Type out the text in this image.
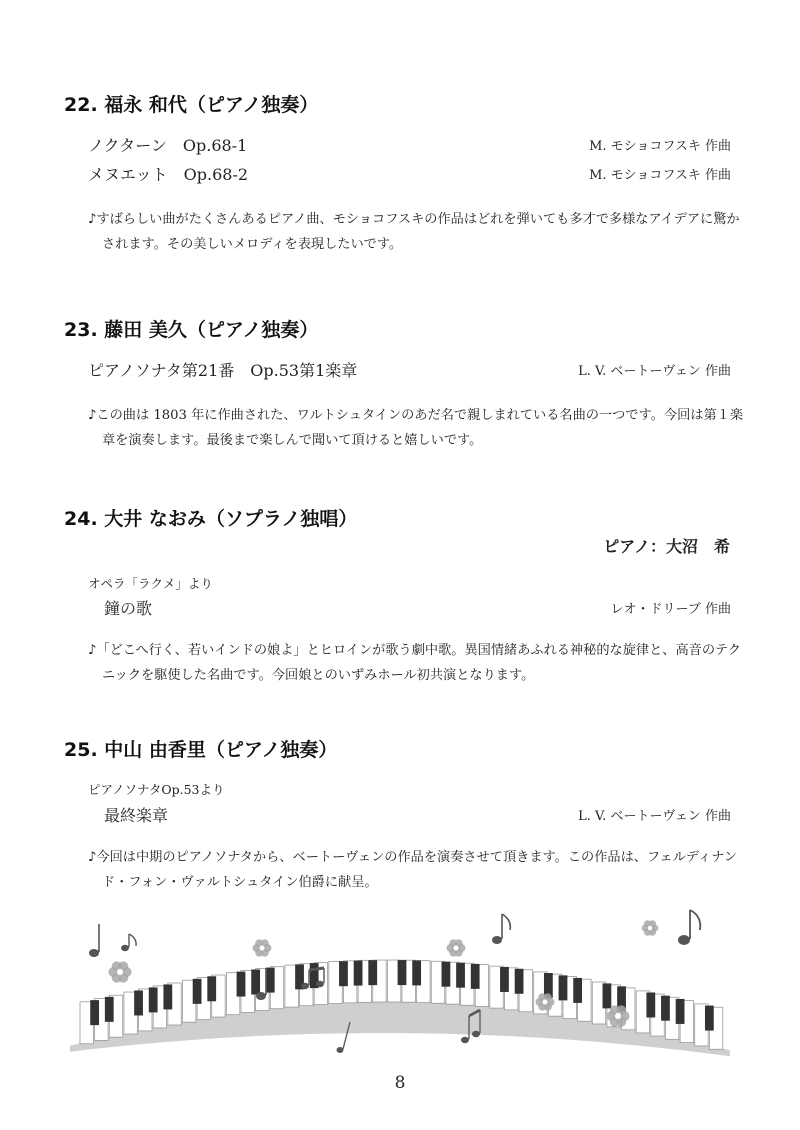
22. 福永 和代（ピアノ独奏）
ノクターン　Op.68-1	M. モショコフスキ 作曲
メヌエット　Op.68-2	M. モショコフスキ 作曲

♪すばらしい曲がたくさんあるピアノ曲、モショコフスキの作品はどれを弾いても多才で多様なアイデアに驚かされます。その美しいメロディを表現したいです。

23. 藤田 美久（ピアノ独奏）
ピアノソナタ第21番　Op.53第1楽章	L. V. ベートーヴェン 作曲

♪この曲は 1803 年に作曲された、ワルトシュタインのあだ名で親しまれている名曲の一つです。今回は第１楽章を演奏します。最後まで楽しんで聞いて頂けると嬉しいです。

24. 大井 なおみ（ソプラノ独唱）
ピアノ：大沼　希
オペラ「ラクメ」より
鐘の歌	レオ・ドリーブ 作曲

♪「どこへ行く、若いインドの娘よ」とヒロインが歌う劇中歌。異国情緒あふれる神秘的な旋律と、高音のテクニックを駆使した名曲です。今回娘とのいずみホール初共演となります。

25. 中山 由香里（ピアノ独奏）
ピアノソナタOp.53より
最終楽章	L. V. ベートーヴェン 作曲

♪今回は中期のピアノソナタから、ベートーヴェンの作品を演奏させて頂きます。この作品は、フェルディナンド・フォン・ヴァルトシュタイン伯爵に献呈。

8
